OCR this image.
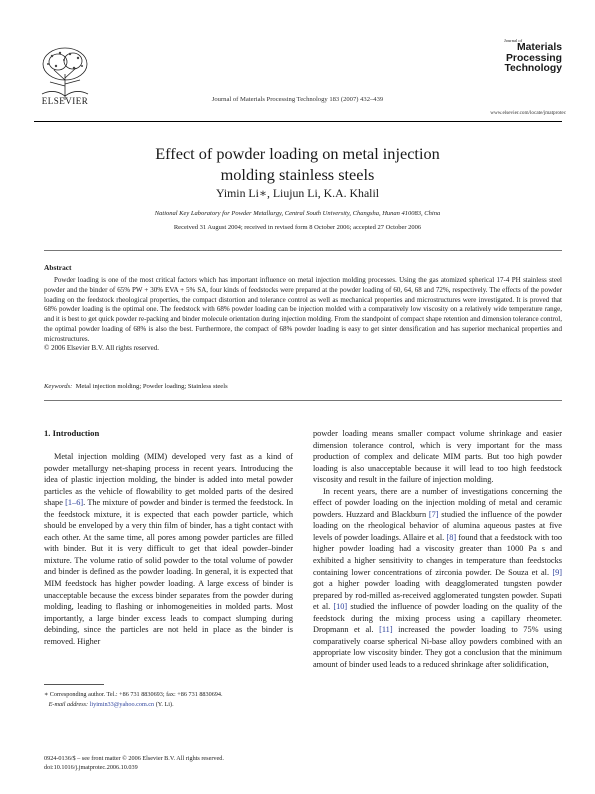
ELSEVIER	Journal of Materials Processing Technology 183 (2007) 432–439
Journal of
Materials
Processing
Technology
www.elsevier.com/locate/jmatprotec
Effect of powder loading on metal injection
molding stainless steels
Yimin Li∗, Liujun Li, K.A. Khalil
National Key Laboratory for Powder Metallurgy, Central South University, Changsha, Hunan 410083, China
Received 31 August 2004; received in revised form 8 October 2006; accepted 27 October 2006
Abstract

Powder loading is one of the most critical factors which has important influence on metal injection molding processes. Using the gas atomized spherical 17-4 PH stainless steel powder and the binder of 65% PW + 30% EVA + 5% SA, four kinds of feedstocks were prepared at the powder loading of 60, 64, 68 and 72%, respectively. The effects of the powder loading on the feedstock rheological properties, the compact distortion and tolerance control as well as mechanical properties and microstructures were investigated. It is proved that 68% powder loading is the optimal one. The feedstock with 68% powder loading can be injection molded with a comparatively low viscosity on a relatively wide temperature range, and it is best to get quick powder re-packing and binder molecule orientation during injection molding. From the standpoint of compact shape retention and dimension tolerance control, the optimal powder loading of 68% is also the best. Furthermore, the compact of 68% powder loading is easy to get sinter densification and has superior mechanical properties and microstructures.

© 2006 Elsevier B.V. All rights reserved.
Keywords: Metal injection molding; Powder loading; Stainless steels
1. Introduction

Metal injection molding (MIM) developed very fast as a kind of powder metallurgy net-shaping process in recent years. Introducing the idea of plastic injection molding, the binder is added into metal powder particles as the vehicle of flowability to get molded parts of the desired shape [1–6]. The mixture of powder and binder is termed the feedstock. In the feedstock mixture, it is expected that each powder particle, which should be enveloped by a very thin film of binder, has a tight contact with each other. At the same time, all pores among powder particles are filled with binder. But it is very difficult to get that ideal powder–binder mixture. The volume ratio of solid powder to the total volume of powder and binder is defined as the powder loading. In general, it is expected that MIM feedstock has higher powder loading. A large excess of binder is unacceptable because the excess binder separates from the powder during molding, leading to flashing or inhomogeneities in molded parts. Most importantly, a large binder excess leads to compact slumping during debinding, since the particles are not held in place as the binder is removed. Higher

powder loading means smaller compact volume shrinkage and easier dimension tolerance control, which is very important for the mass production of complex and delicate MIM parts. But too high powder loading is also unacceptable because it will lead to too high feedstock viscosity and result in the failure of injection molding.

In recent years, there are a number of investigations concerning the effect of powder loading on the injection molding of metal and ceramic powders. Huzzard and Blackburn [7] studied the influence of the powder loading on the rheological behavior of alumina aqueous pastes at five levels of powder loadings. Allaire et al. [8] found that a feedstock with too higher powder loading had a viscosity greater than 1000 Pa s and exhibited a higher sensitivity to changes in temperature than feedstocks containing lower concentrations of zirconia powder. De Souza et al. [9] got a higher powder loading with deagglomerated tungsten powder prepared by rod-milled as-received agglomerated tungsten powder. Supati et al. [10] studied the influence of powder loading on the quality of the feedstock during the mixing process using a capillary rheometer. Dropmann et al. [11] increased the powder loading to 75% using comparatively coarse spherical Ni-base alloy powders combined with an appropriate low viscosity binder. They got a conclusion that the minimum amount of binder used leads to a reduced shrinkage after solidification,

∗ Corresponding author. Tel.: +86 731 8830693; fax: +86 731 8830694.
E-mail address: liyimin33@yahoo.com.cn (Y. Li).
0924-0136/$ – see front matter © 2006 Elsevier B.V. All rights reserved.
doi:10.1016/j.jmatprotec.2006.10.039
